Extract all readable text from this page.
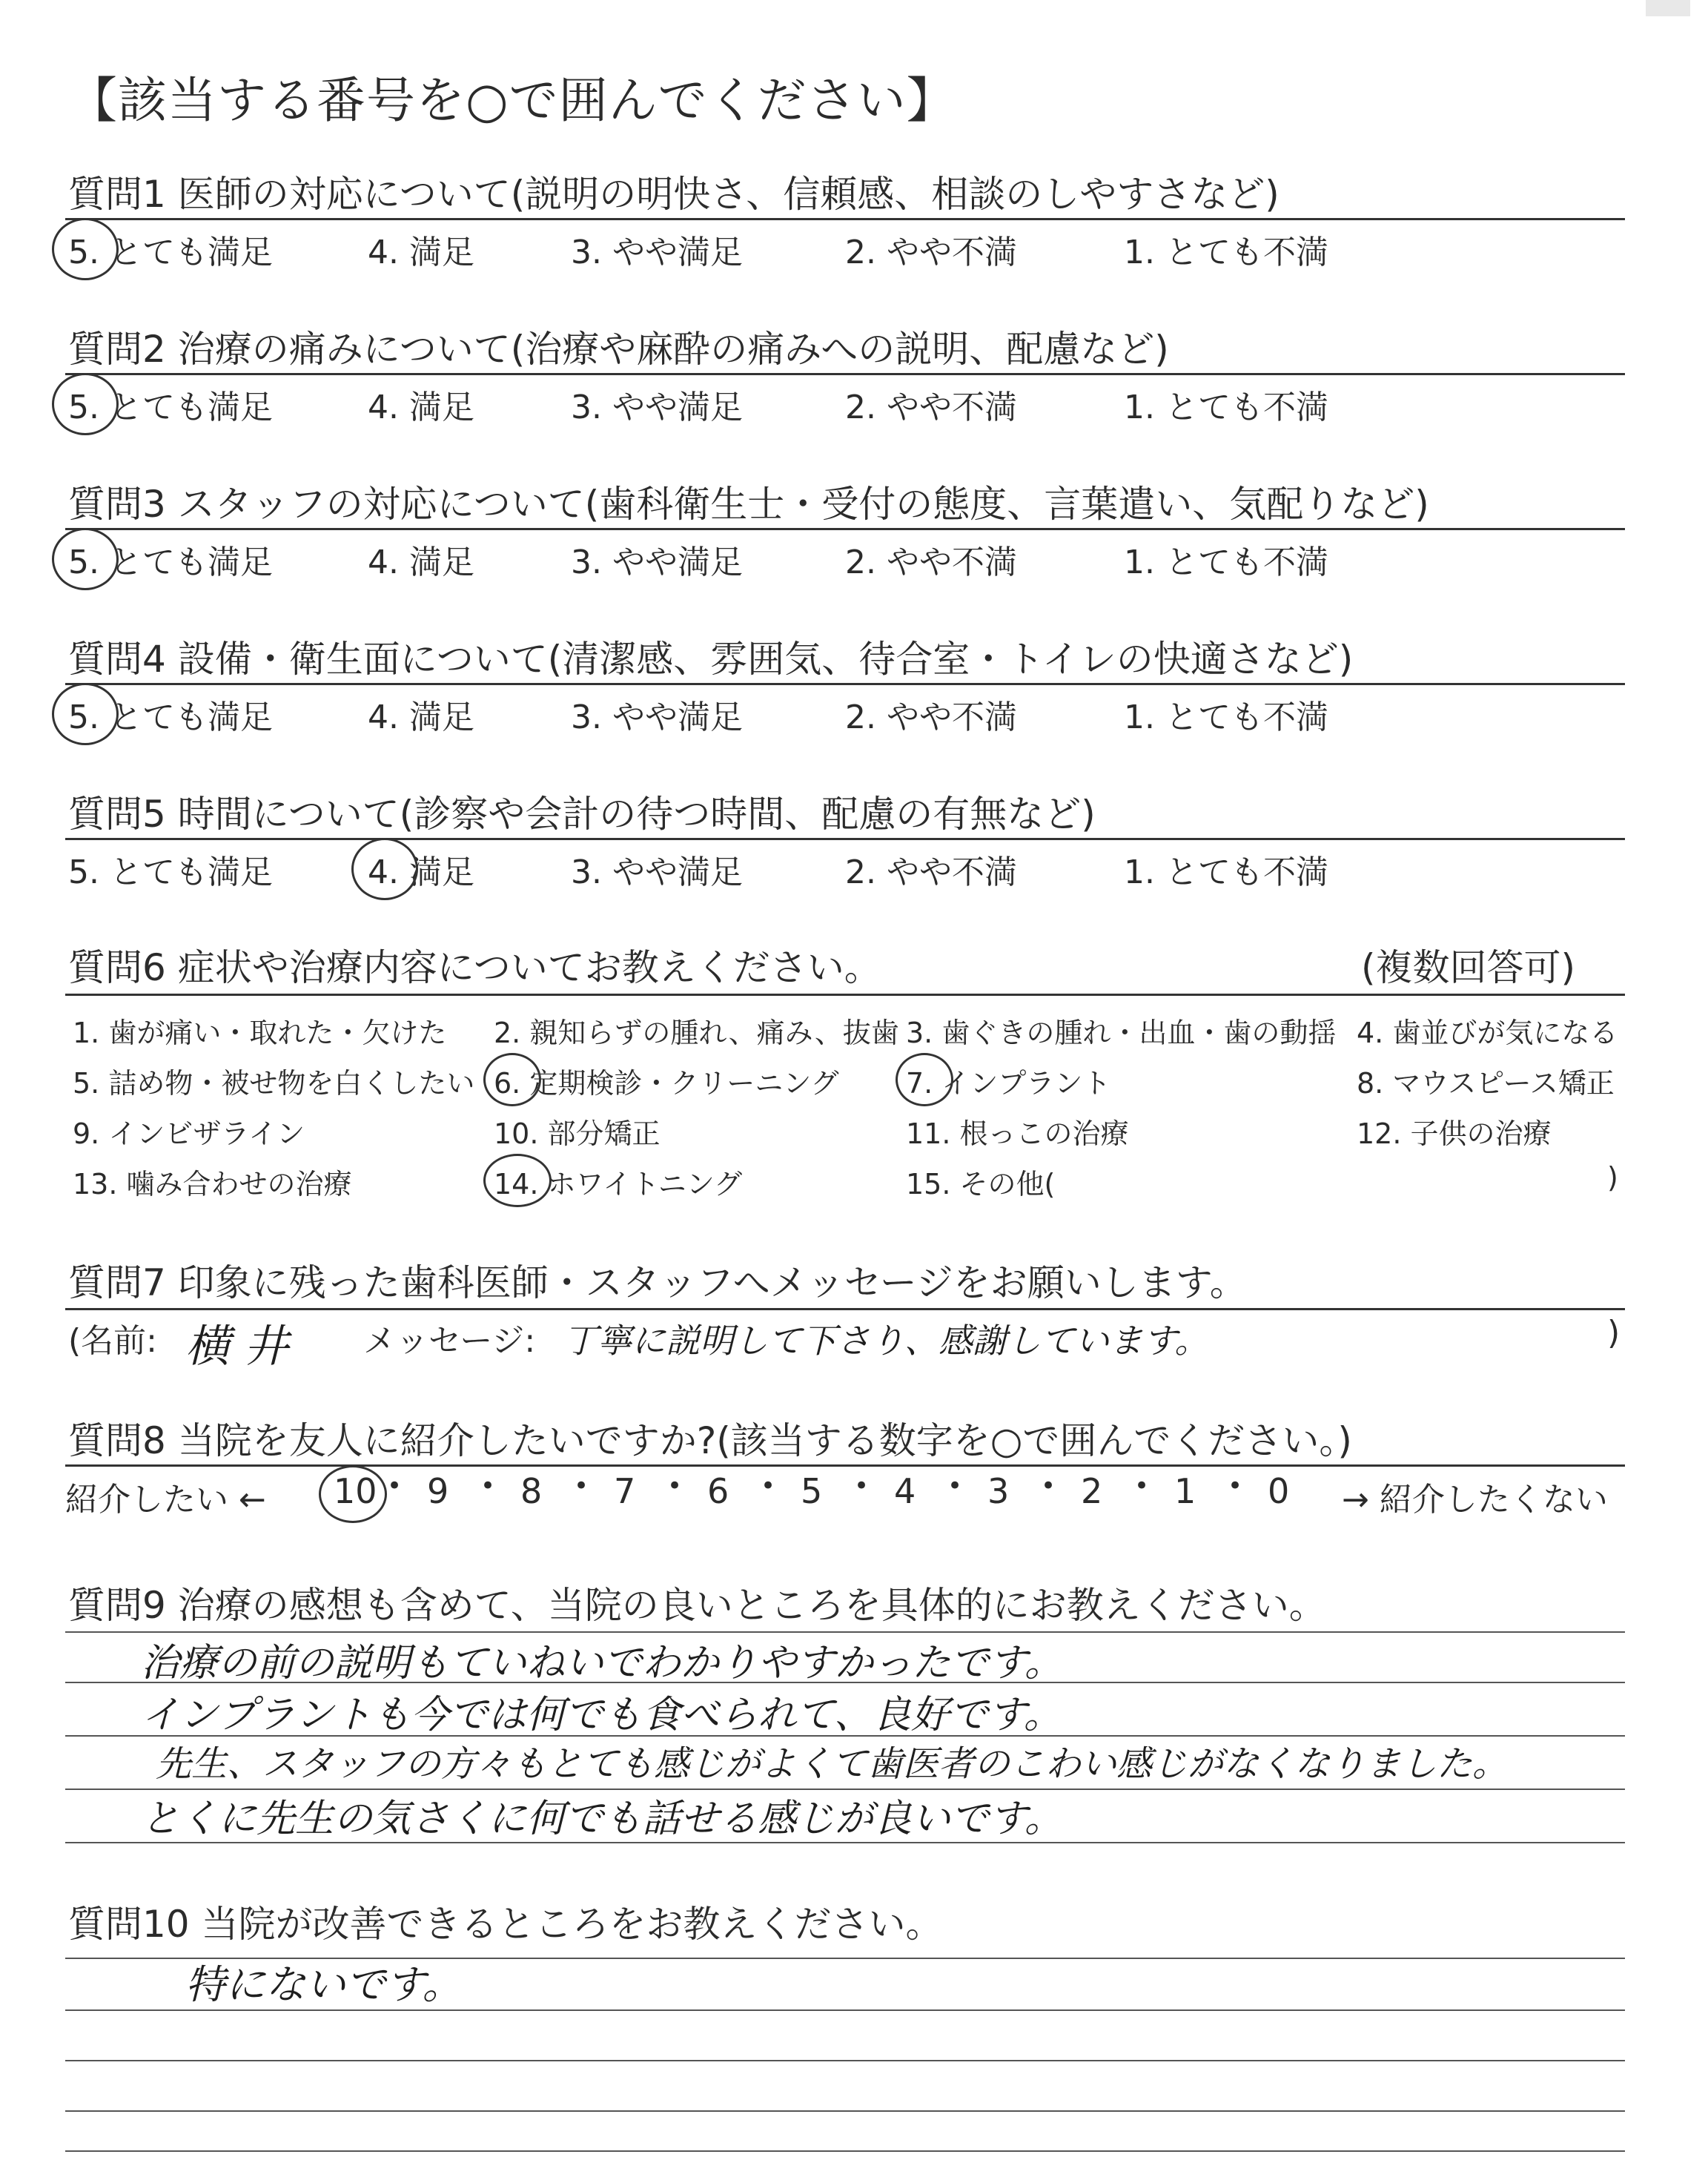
【該当する番号を○で囲んでください】
質問1 医師の対応について(説明の明快さ、信頼感、相談のしやすさなど)
5. とても満足	4. 満足	3. やや満足	2. やや不満	1. とても不満
質問2 治療の痛みについて(治療や麻酔の痛みへの説明、配慮など)
5. とても満足	4. 満足	3. やや満足	2. やや不満	1. とても不満
質問3 スタッフの対応について(歯科衛生士・受付の態度、言葉遣い、気配りなど)
5. とても満足	4. 満足	3. やや満足	2. やや不満	1. とても不満
質問4 設備・衛生面について(清潔感、雰囲気、待合室・トイレの快適さなど)
5. とても満足	4. 満足	3. やや満足	2. やや不満	1. とても不満
質問5 時間について(診察や会計の待つ時間、配慮の有無など)
5. とても満足	4. 満足	3. やや満足	2. やや不満	1. とても不満
質問6 症状や治療内容についてお教えください。	(複数回答可)
1. 歯が痛い・取れた・欠けた 2. 親知らずの腫れ、痛み、抜歯 3. 歯ぐきの腫れ・出血・歯の動揺 4. 歯並びが気になる
5. 詰め物・被せ物を白くしたい 6. 定期検診・クリーニング 7. インプラント	8. マウスピース矯正
9. インビザライン	10. 部分矯正	11. 根っこの治療	12. 子供の治療
13. 噛み合わせの治療	14. ホワイトニング	15. その他(	)
質問7 印象に残った歯科医師・スタッフへメッセージをお願いします。
(名前: 横 井 メッセージ: 丁寧に説明して下さり、感謝しています。	)
質問8 当院を友人に紹介したいですか?(該当する数字を○で囲んでください。)
紹介したい ← 10 • 9 • 8 • 7 • 6 • 5 • 4 • 3 • 2 • 1 • 0 → 紹介したくない
質問9 治療の感想も含めて、当院の良いところを具体的にお教えください。
治療の前の説明もていねいでわかりやすかったです。
インプラントも今では何でも食べられて、良好です。
先生、スタッフの方々もとても感じがよくて歯医者のこわい感じがなくなりました。
とくに先生の気さくに何でも話せる感じが良いです。
質問10 当院が改善できるところをお教えください。
特にないです。
